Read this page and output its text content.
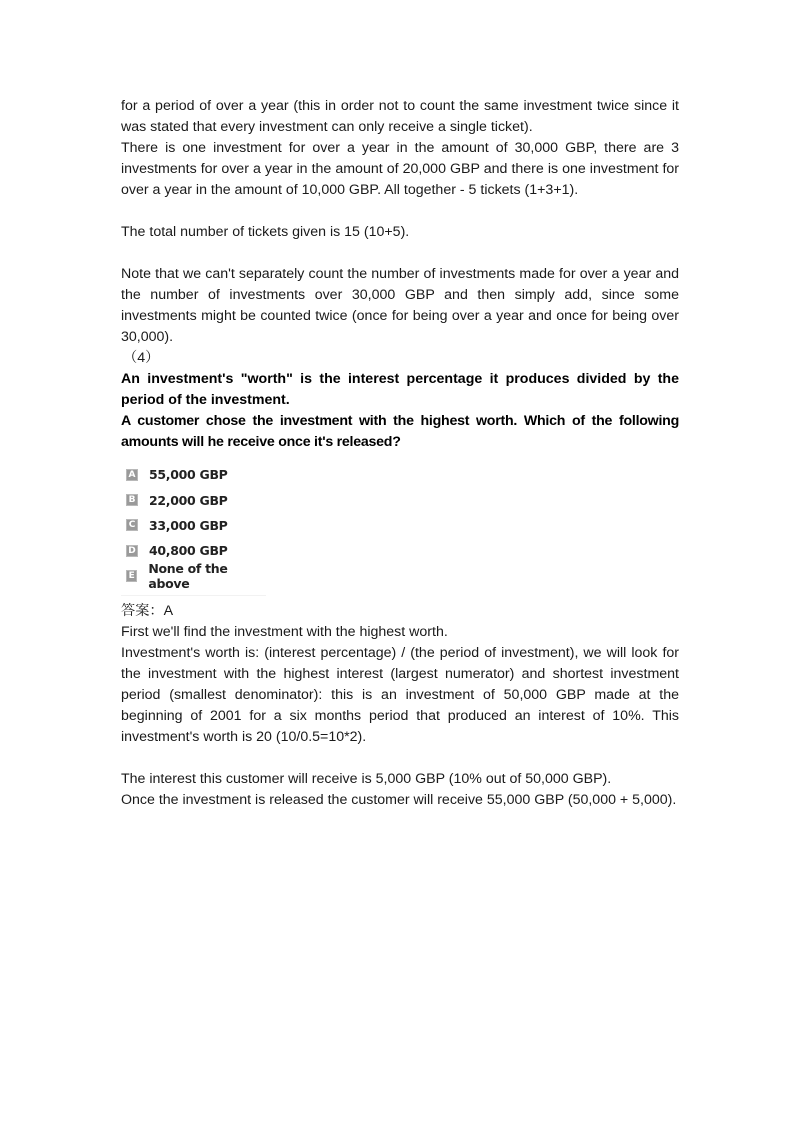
for a period of over a year (this in order not to count the same investment twice since it was stated that every investment can only receive a single ticket).

There is one investment for over a year in the amount of 30,000 GBP, there are 3 investments for over a year in the amount of 20,000 GBP and there is one investment for over a year in the amount of 10,000 GBP. All together - 5 tickets (1+3+1).

The total number of tickets given is 15 (10+5).

Note that we can't separately count the number of investments made for over a year and the number of investments over 30,000 GBP and then simply add, since some investments might be counted twice (once for being over a year and once for being over 30,000).

（4）

An investment's "worth" is the interest percentage it produces divided by the period of the investment.

A customer chose the investment with the highest worth. Which of the following amounts will he receive once it's released?

A 55,000 GBP
B 22,000 GBP
C 33,000 GBP
D 40,800 GBP
E None of the above

答案：A

First we'll find the investment with the highest worth.

Investment's worth is: (interest percentage) / (the period of investment), we will look for the investment with the highest interest (largest numerator) and shortest investment period (smallest denominator): this is an investment of 50,000 GBP made at the beginning of 2001 for a six months period that produced an interest of 10%. This investment's worth is 20 (10/0.5=10*2).

The interest this customer will receive is 5,000 GBP (10% out of 50,000 GBP).

Once the investment is released the customer will receive 55,000 GBP (50,000 + 5,000).
